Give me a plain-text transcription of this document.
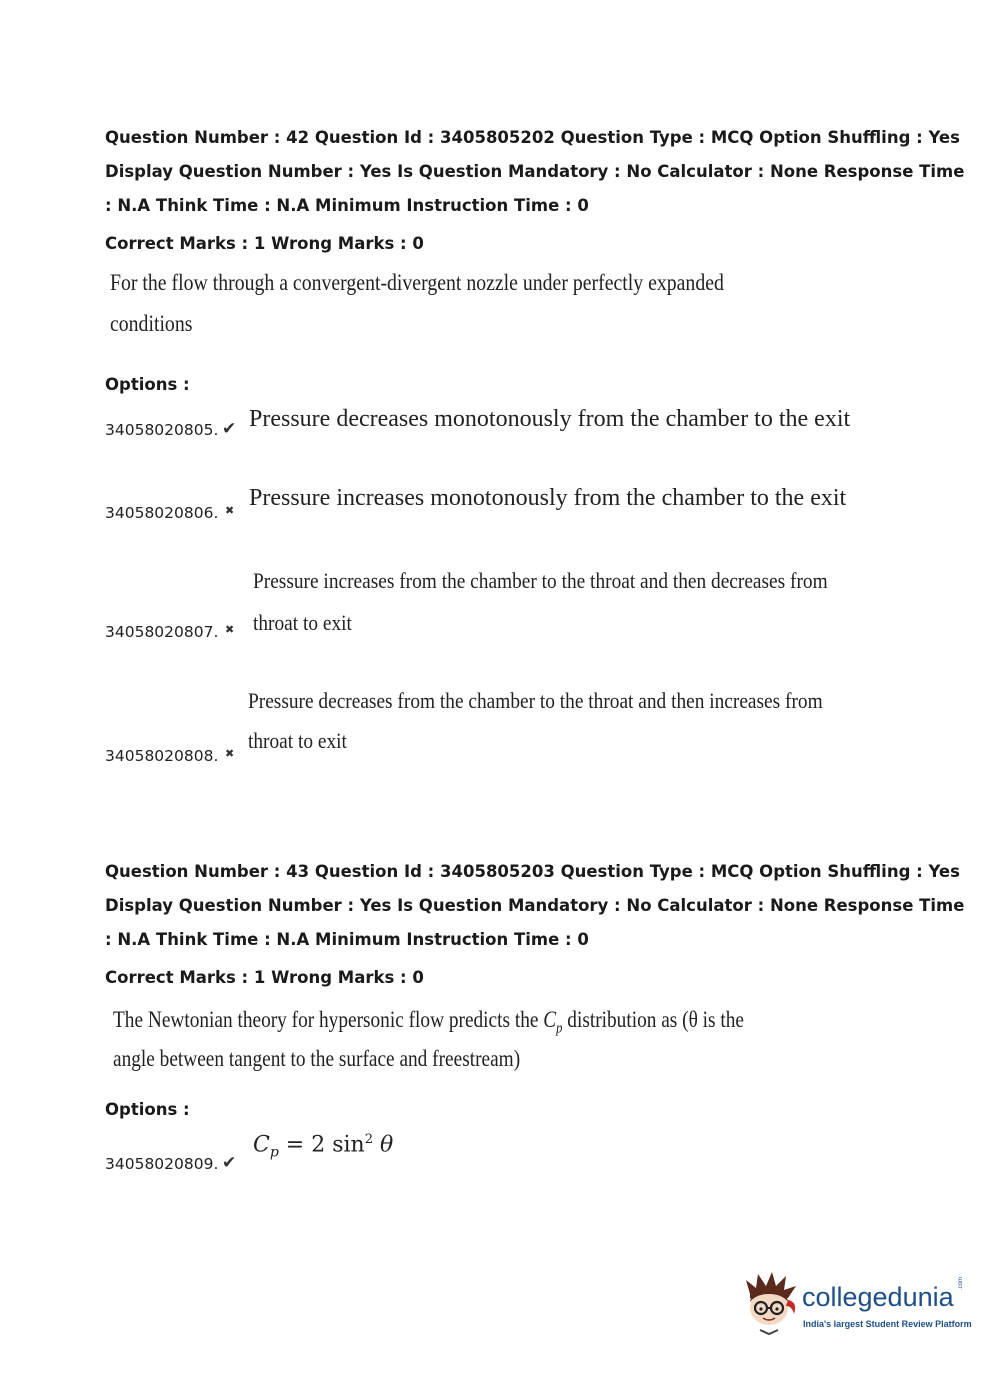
Question Number : 42 Question Id : 3405805202 Question Type : MCQ Option Shuffling : Yes
Display Question Number : Yes Is Question Mandatory : No Calculator : None Response Time
: N.A Think Time : N.A Minimum Instruction Time : 0
Correct Marks : 1 Wrong Marks : 0
For the flow through a convergent-divergent nozzle under perfectly expanded
conditions
Options :
34058020805. ✔ Pressure decreases monotonously from the chamber to the exit
34058020806. ✖ Pressure increases monotonously from the chamber to the exit
34058020807. ✖
Pressure increases from the chamber to the throat and then decreases from
throat to exit
34058020808. ✖
Pressure decreases from the chamber to the throat and then increases from
throat to exit
Question Number : 43 Question Id : 3405805203 Question Type : MCQ Option Shuffling : Yes
Display Question Number : Yes Is Question Mandatory : No Calculator : None Response Time
: N.A Think Time : N.A Minimum Instruction Time : 0
Correct Marks : 1 Wrong Marks : 0
The Newtonian theory for hypersonic flow predicts the $C_p$ distribution as (θ is the
angle between tangent to the surface and freestream)
Options :
34058020809. ✔
$C_p = 2$ $\sin^2 \theta$
collegedunia .com
India's largest Student Review Platform
